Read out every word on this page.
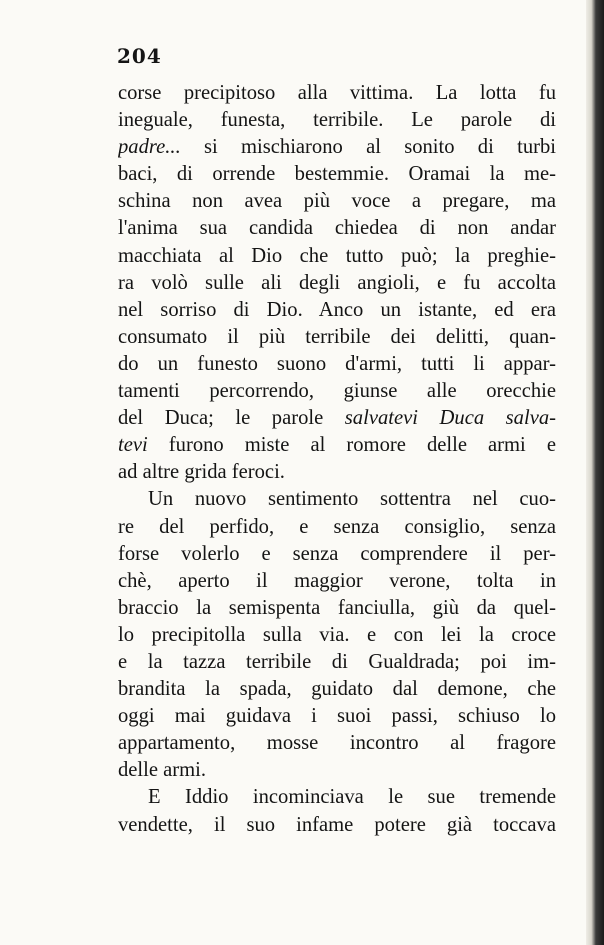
204
corse precipitoso alla vittima. La lotta fu
ineguale, funesta, terribile. Le parole di
padre... si mischiarono al sonito di turbi
baci, di orrende bestemmie. Oramai la me-
schina non avea più voce a pregare, ma
l'anima sua candida chiedea di non andar
macchiata al Dio che tutto può; la preghie-
ra volò sulle ali degli angioli, e fu accolta
nel sorriso di Dio. Anco un istante, ed era
consumato il più terribile dei delitti, quan-
do un funesto suono d'armi, tutti li appar-
tamenti percorrendo, giunse alle orecchie
del Duca; le parole salvatevi Duca salva-
tevi furono miste al romore delle armi e
ad altre grida feroci.
Un nuovo sentimento sottentra nel cuo-
re del perfido, e senza consiglio, senza
forse volerlo e senza comprendere il per-
chè, aperto il maggior verone, tolta in
braccio la semispenta fanciulla, giù da quel-
lo precipitolla sulla via. e con lei la croce
e la tazza terribile di Gualdrada; poi im-
brandita la spada, guidato dal demone, che
oggi mai guidava i suoi passi, schiuso lo
appartamento, mosse incontro al fragore
delle armi.
E Iddio incominciava le sue tremende
vendette, il suo infame potere già toccava
